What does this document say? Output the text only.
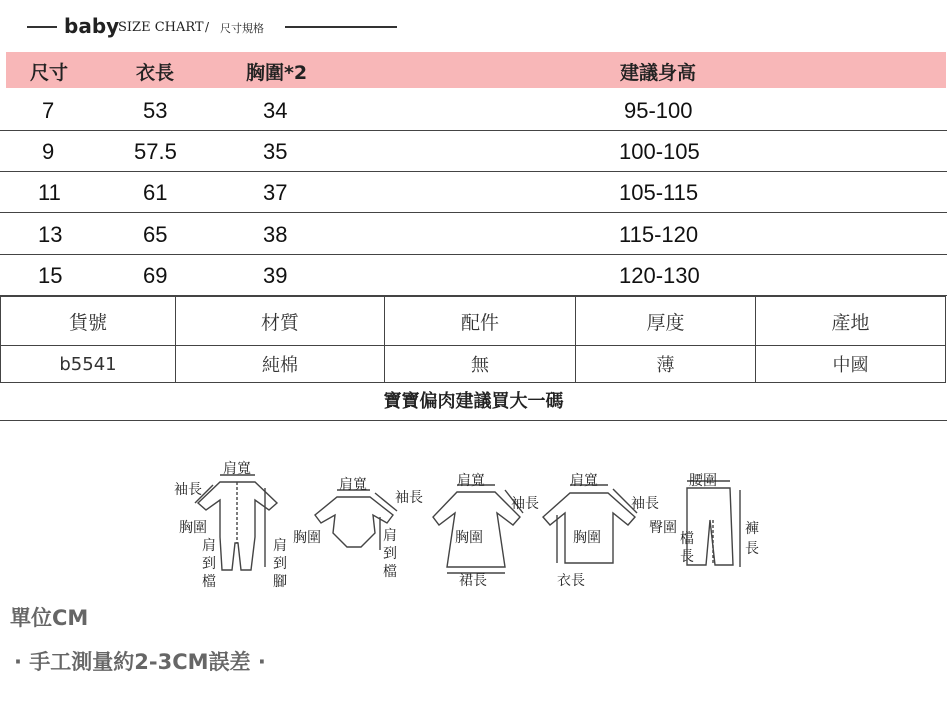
baby
SIZE CHART / 尺寸規格
尺寸	衣長	胸圍*2	建議身高
7	53	34	95-100
9	57.5	35	100-105
11	61	37	105-115
13	65	38	115-120
15	69	39	120-130
貨號	材質	配件	厚度	產地
b5541	純棉	無	薄	中國
寶寶偏肉建議買大一碼
肩寬
袖長
胸圍
肩到檔
肩到腳
肩寬
袖長
胸圍	肩到檔
肩寬
袖長
胸圍
裙長
肩寬
袖長
胸圍
衣長
腰圍
臀圍
檔長
褲長
單位CM
· 手工測量約2-3CM誤差 ·
